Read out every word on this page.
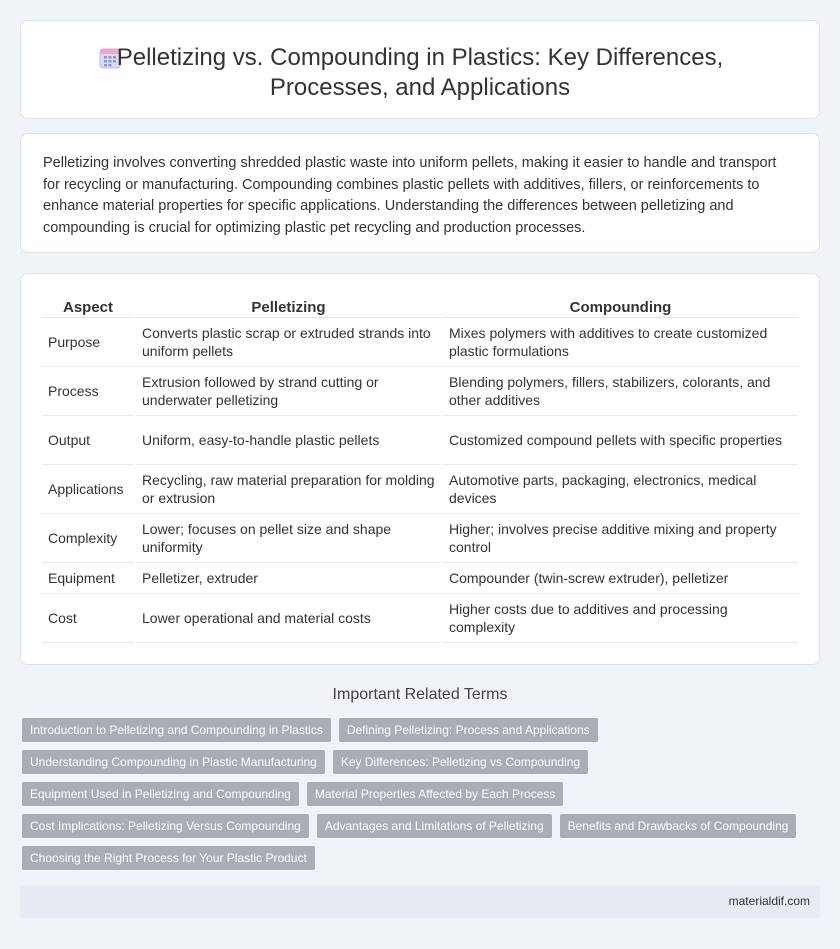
Pelletizing vs. Compounding in Plastics: Key Differences, Processes, and Applications

Pelletizing involves converting shredded plastic waste into uniform pellets, making it easier to handle and transport for recycling or manufacturing. Compounding combines plastic pellets with additives, fillers, or reinforcements to enhance material properties for specific applications. Understanding the differences between pelletizing and compounding is crucial for optimizing plastic pet recycling and production processes.

Aspect	Pelletizing	Compounding
Purpose	Converts plastic scrap or extruded strands into uniform pellets	Mixes polymers with additives to create customized plastic formulations
Process	Extrusion followed by strand cutting or underwater pelletizing	Blending polymers, fillers, stabilizers, colorants, and other additives
Output	Uniform, easy-to-handle plastic pellets	Customized compound pellets with specific properties
Applications	Recycling, raw material preparation for molding or extrusion	Automotive parts, packaging, electronics, medical devices
Complexity	Lower; focuses on pellet size and shape uniformity	Higher; involves precise additive mixing and property control
Equipment	Pelletizer, extruder	Compounder (twin-screw extruder), pelletizer
Cost	Lower operational and material costs	Higher costs due to additives and processing complexity
Important Related Terms
Introduction to Pelletizing and Compounding in Plastics	Defining Pelletizing: Process and Applications
Understanding Compounding in Plastic Manufacturing	Key Differences: Pelletizing vs Compounding
Equipment Used in Pelletizing and Compounding	Material Properties Affected by Each Process
Cost Implications: Pelletizing Versus Compounding	Advantages and Limitations of Pelletizing	Benefits and Drawbacks of Compounding
Choosing the Right Process for Your Plastic Product
materialdif.com
